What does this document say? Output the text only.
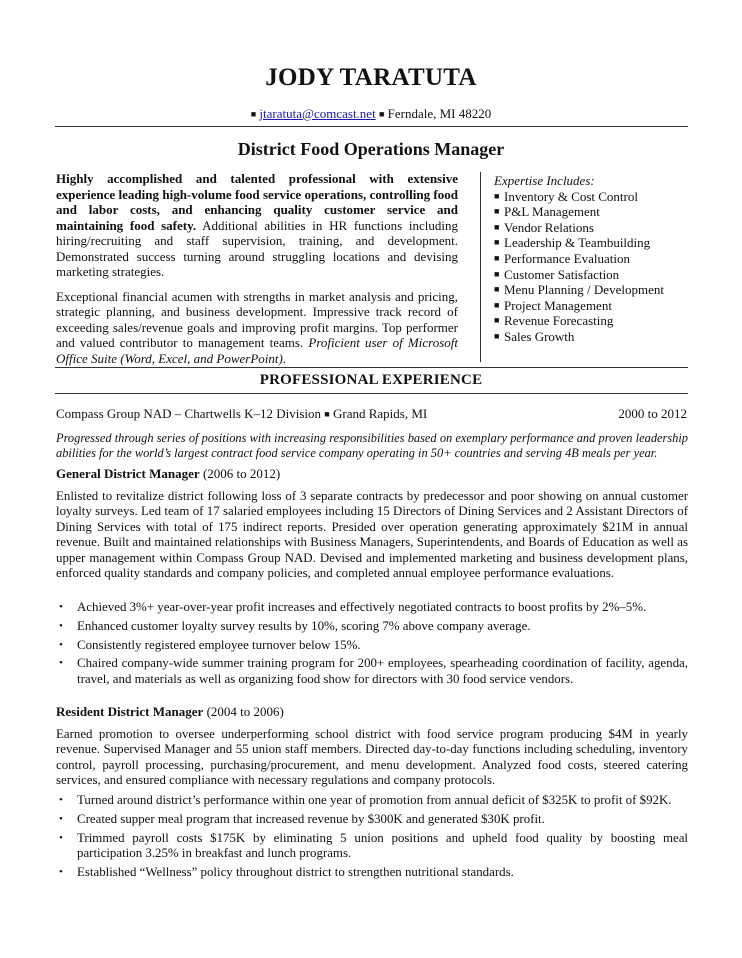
JODY TARATUTA
■ jtaratuta@comcast.net ■ Ferndale, MI 48220
District Food Operations Manager

Highly accomplished and talented professional with extensive experience leading high-volume food service operations, controlling food and labor costs, and enhancing quality customer service and maintaining food safety. Additional abilities in HR functions including hiring/recruiting and staff supervision, training, and development. Demonstrated success turning around struggling locations and devising marketing strategies.

Exceptional financial acumen with strengths in market analysis and pricing, strategic planning, and business development. Impressive track record of exceeding sales/revenue goals and improving profit margins. Top performer and valued contributor to management teams. Proficient user of Microsoft Office Suite (Word, Excel, and PowerPoint).

Expertise Includes:
■ Inventory & Cost Control
■ P&L Management
■ Vendor Relations
■ Leadership & Teambuilding
■ Performance Evaluation
■ Customer Satisfaction
■ Menu Planning / Development
■ Project Management
■ Revenue Forecasting
■ Sales Growth
PROFESSIONAL EXPERIENCE
Compass Group NAD – Chartwells K–12 Division ■ Grand Rapids, MI	2000 to 2012

Progressed through series of positions with increasing responsibilities based on exemplary performance and proven leadership abilities for the world’s largest contract food service company operating in 50+ countries and serving 4B meals per year.

General District Manager (2006 to 2012)

Enlisted to revitalize district following loss of 3 separate contracts by predecessor and poor showing on annual customer loyalty surveys. Led team of 17 salaried employees including 15 Directors of Dining Services and 2 Assistant Directors of Dining Services with total of 175 indirect reports. Presided over operation generating approximately $21M in annual revenue. Built and maintained relationships with Business Managers, Superintendents, and Boards of Education as well as upper management within Compass Group NAD. Devised and implemented marketing and business development plans, enforced quality standards and company policies, and completed annual employee performance evaluations.

• Achieved 3%+ year-over-year profit increases and effectively negotiated contracts to boost profits by 2%–5%.
• Enhanced customer loyalty survey results by 10%, scoring 7% above company average.
• Consistently registered employee turnover below 15%.
• Chaired company-wide summer training program for 200+ employees, spearheading coordination of facility, agenda, travel, and materials as well as organizing food show for directors with 30 food service vendors.
Resident District Manager (2004 to 2006)

Earned promotion to oversee underperforming school district with food service program producing $4M in yearly revenue. Supervised Manager and 55 union staff members. Directed day-to-day functions including scheduling, inventory control, payroll processing, purchasing/procurement, and menu development. Analyzed food costs, steered catering services, and ensured compliance with necessary regulations and company protocols.

• Turned around district’s performance within one year of promotion from annual deficit of $325K to profit of $92K.
• Created supper meal program that increased revenue by $300K and generated $30K profit.
• Trimmed payroll costs $175K by eliminating 5 union positions and upheld food quality by boosting meal participation 3.25% in breakfast and lunch programs.
• Established “Wellness” policy throughout district to strengthen nutritional standards.
